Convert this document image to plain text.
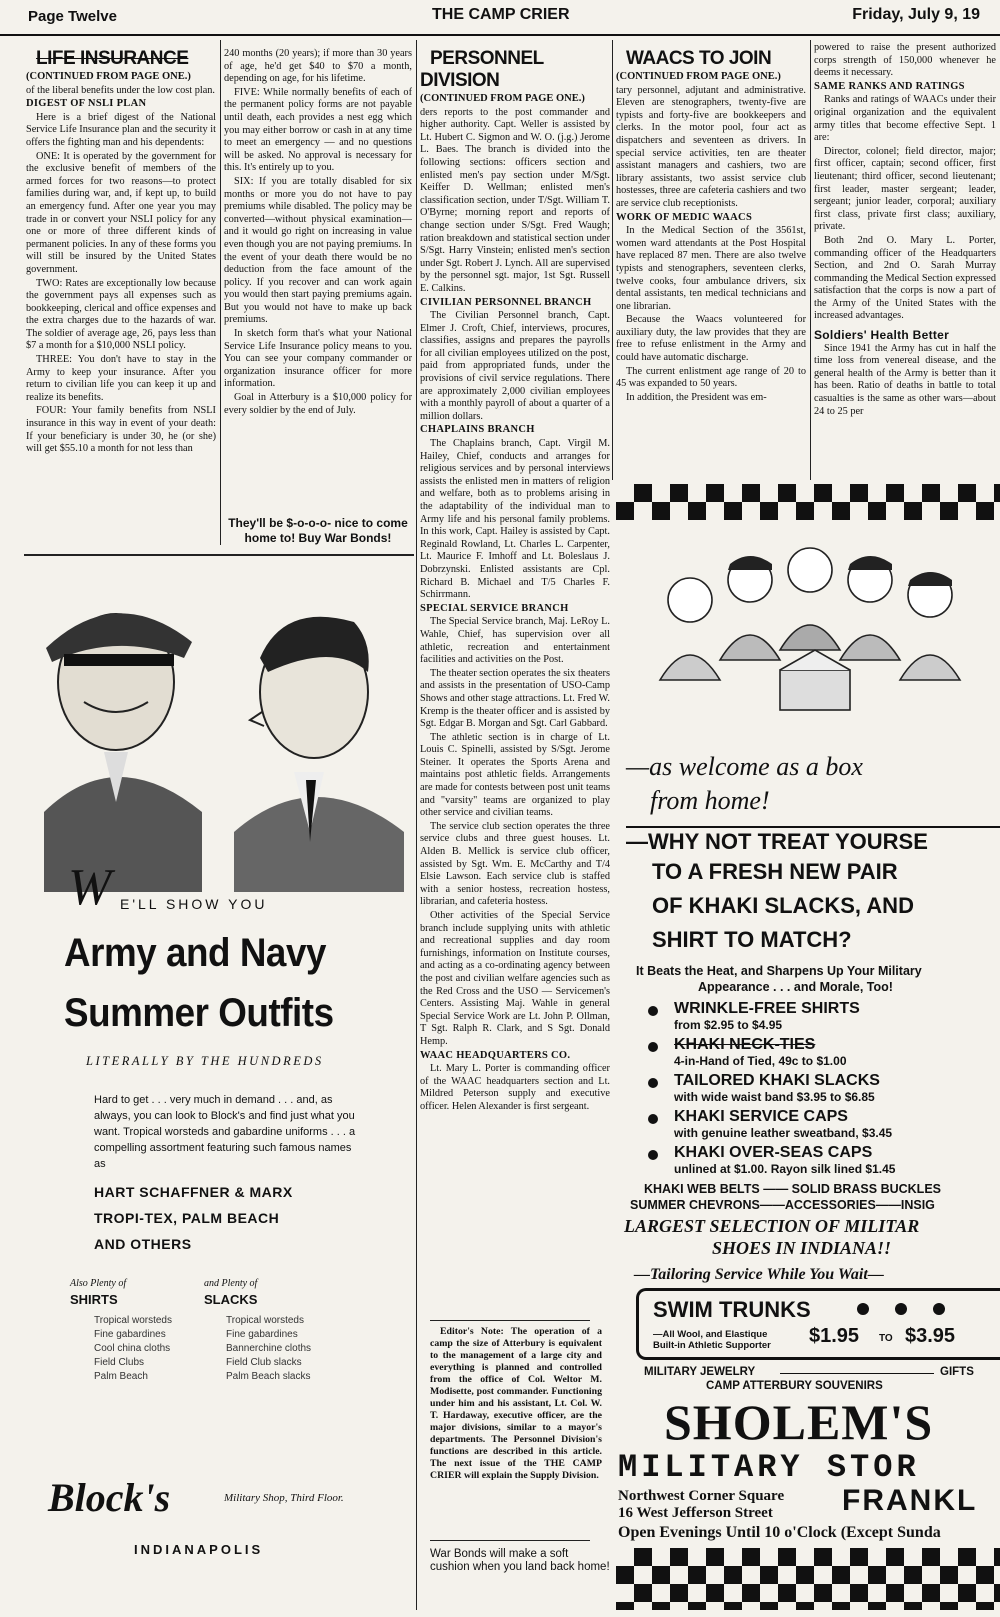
Page Twelve	THE CAMP CRIER	Friday, July 9, 19

LIFE INSURANCE

(CONTINUED FROM PAGE ONE.)

of the liberal benefits under the low cost plan.

DIGEST OF NSLI PLAN

Here is a brief digest of the National Service Life Insurance plan and the security it offers the fighting man and his dependents:

ONE: It is operated by the government for the exclusive benefit of members of the armed forces for two reasons—to protect families during war, and, if kept up, to build an emergency fund. After one year you may trade in or convert your NSLI policy for any one or more of three different kinds of permanent policies. In any of these forms you will still be insured by the United States government.

TWO: Rates are exceptionally low because the government pays all expenses such as bookkeeping, clerical and office expenses and the extra charges due to the hazards of war. The soldier of average age, 26, pays less than $7 a month for a $10,000 NSLI policy.

THREE: You don't have to stay in the Army to keep your insurance. After you return to civilian life you can keep it up and realize its benefits.

FOUR: Your family benefits from NSLI insurance in this way in event of your death: If your beneficiary is under 30, he (or she) will get $55.10 a month for not less than

240 months (20 years); if more than 30 years of age, he'd get $40 to $70 a month, depending on age, for his lifetime.

FIVE: While normally benefits of each of the permanent policy forms are not payable until death, each provides a nest egg which you may either borrow or cash in at any time to meet an emergency — and no questions will be asked. No approval is necessary for this. It's entirely up to you.

SIX: If you are totally disabled for six months or more you do not have to pay premiums while disabled. The policy may be converted—without physical examination—and it would go right on increasing in value even though you are not paying premiums. In the event of your death there would be no deduction from the face amount of the policy. If you recover and can work again you would then start paying premiums again. But you would not have to make up back premiums.

In sketch form that's what your National Service Life Insurance policy means to you. You can see your company commander or organization insurance officer for more information.

Goal in Atterbury is a $10,000 policy for every soldier by the end of July.

They'll be $-o-o-o- nice to come home to! Buy War Bonds!

PERSONNEL DIVISION

(CONTINUED FROM PAGE ONE.)

ders reports to the post commander and higher authority. Capt. Weller is assisted by Lt. Hubert C. Sigmon and W. O. (j.g.) Jerome L. Baes. The branch is divided into the following sections: officers section and enlisted men's pay section under M/Sgt. Keiffer D. Wellman; enlisted men's classification section, under T/Sgt. William T. O'Byrne; morning report and reports of change section under S/Sgt. Fred Waugh; ration breakdown and statistical section under S/Sgt. Harry Vinstein; enlisted men's section under Sgt. Robert J. Lynch. All are supervised by the personnel sgt. major, 1st Sgt. Russell E. Calkins.

CIVILIAN PERSONNEL BRANCH

The Civilian Personnel branch, Capt. Elmer J. Croft, Chief, interviews, procures, classifies, assigns and prepares the payrolls for all civilian employees utilized on the post, paid from appropriated funds, under the provisions of civil service regulations. There are approximately 2,000 civilian employees with a monthly payroll of about a quarter of a million dollars.

CHAPLAINS BRANCH

The Chaplains branch, Capt. Virgil M. Hailey, Chief, conducts and arranges for religious services and by personal interviews assists the enlisted men in matters of religion and welfare, both as to problems arising in the adaptability of the individual man to Army life and his personal family problems. In this work, Capt. Hailey is assisted by Capt. Reginald Rowland, Lt. Charles L. Carpenter, Lt. Maurice F. Imhoff and Lt. Boleslaus J. Dobrzynski. Enlisted assistants are Cpl. Richard B. Michael and T/5 Charles F. Schirrmann.

SPECIAL SERVICE BRANCH

The Special Service branch, Maj. LeRoy L. Wahle, Chief, has supervision over all athletic, recreation and entertainment facilities and activities on the Post.

The theater section operates the six theaters and assists in the presentation of USO-Camp Shows and other stage attractions. Lt. Fred W. Kremp is the theater officer and is assisted by Sgt. Edgar B. Morgan and Sgt. Carl Gabbard.

The athletic section is in charge of Lt. Louis C. Spinelli, assisted by S/Sgt. Jerome Steiner. It operates the Sports Arena and maintains post athletic fields. Arrangements are made for contests between post unit teams and "varsity" teams are organized to play other service and civilian teams.

The service club section operates the three service clubs and three guest houses. Lt. Alden B. Mellick is service club officer, assisted by Sgt. Wm. E. McCarthy and T/4 Elsie Lawson. Each service club is staffed with a senior hostess, recreation hostess, librarian, and cafeteria hostess.

Other activities of the Special Service branch include supplying units with athletic and recreational supplies and day room furnishings, information on Institute courses, and acting as a co-ordinating agency between the post and civilian welfare agencies such as the Red Cross and the USO — Servicemen's Centers. Assisting Maj. Wahle in general Special Service Work are Lt. John P. Ollman, T Sgt. Ralph R. Clark, and S Sgt. Donald Hemp.

WAAC HEADQUARTERS CO.

Lt. Mary L. Porter is commanding officer of the WAAC headquarters section and Lt. Mildred Peterson supply and executive officer. Helen Alexander is first sergeant.

Editor's Note: The operation of a camp the size of Atterbury is equivalent to the management of a large city and everything is planned and controlled from the office of Col. Weltor M. Modisette, post commander. Functioning under him and his assistant, Lt. Col. W. T. Hardaway, executive officer, are the major divisions, similar to a mayor's departments. The Personnel Division's functions are described in this article. The next issue of the THE CAMP CRIER will explain the Supply Division.

War Bonds will make a soft cushion when you land back home!

WAACS TO JOIN

(CONTINUED FROM PAGE ONE.)

tary personnel, adjutant and administrative. Eleven are stenographers, twenty-five are typists and forty-five are bookkeepers and clerks. In the motor pool, four act as dispatchers and seventeen as drivers. In special service activities, ten are theater assistant managers and cashiers, two are library assistants, two assist service club hostesses, three are cafeteria cashiers and two are service club receptionists.

WORK OF MEDIC WAACS

In the Medical Section of the 3561st, women ward attendants at the Post Hospital have replaced 87 men. There are also twelve typists and stenographers, seventeen clerks, twelve cooks, four ambulance drivers, six dental assistants, ten medical technicians and one librarian.

Because the Waacs volunteered for auxiliary duty, the law provides that they are free to refuse enlistment in the Army and could have automatic discharge.

The current enlistment age range of 20 to 45 was expanded to 50 years.

In addition, the President was em-

powered to raise the present authorized corps strength of 150,000 whenever he deems it necessary.

SAME RANKS AND RATINGS

Ranks and ratings of WAACs under their original organization and the equivalent army titles that become effective Sept. 1 are:

Director, colonel; field director, major; first officer, captain; second officer, first lieutenant; third officer, second lieutenant; first leader, master sergeant; leader, sergeant; junior leader, corporal; auxiliary first class, private first class; auxiliary, private.

Both 2nd O. Mary L. Porter, commanding officer of the Headquarters Section, and 2nd O. Sarah Murray commanding the Medical Section expressed satisfaction that the corps is now a part of the Army of the United States with the increased advantages.

Soldiers' Health Better

Since 1941 the Army has cut in half the time loss from venereal disease, and the general health of the Army is better than it has been. Ratio of deaths in battle to total casualties is the same as other wars—about 24 to 25 per

W E'LL SHOW YOU
Army and Navy
Summer Outfits
LITERALLY BY THE HUNDREDS
Hard to get . . . very much in demand . . . and, as always, you can look to Block's and find just what you want. Tropical worsteds and gabardine uniforms . . . a compelling assortment featuring such famous names as
HART SCHAFFNER & MARX
TROPI-TEX, PALM BEACH
AND OTHERS
Also Plenty of
SHIRTS
Tropical worsteds
Fine gabardines
Cool china cloths
Field Clubs
Palm Beach
and Plenty of
SLACKS
Tropical worsteds
Fine gabardines
Bannerchine cloths
Field Club slacks
Palm Beach slacks
Block's	Military Shop, Third Floor.
INDIANAPOLIS
—as welcome as a box
from home!
—WHY NOT TREAT YOURSE
TO A FRESH NEW PAIR
OF KHAKI SLACKS, AND
SHIRT TO MATCH?
It Beats the Heat, and Sharpens Up Your Military
Appearance . . . and Morale, Too!
WRINKLE-FREE SHIRTS
from $2.95 to $4.95
KHAKI NECK-TIES
4-in-Hand of Tied, 49c to $1.00
TAILORED KHAKI SLACKS
with wide waist band $3.95 to $6.85
KHAKI SERVICE CAPS
with genuine leather sweatband, $3.45
KHAKI OVER-SEAS CAPS
unlined at $1.00. Rayon silk lined $1.45
KHAKI WEB BELTS —— SOLID BRASS BUCKLES
SUMMER CHEVRONS——ACCESSORIES——INSIG
LARGEST SELECTION OF MILITAR
SHOES IN INDIANA!!
—Tailoring Service While You Wait—
SWIM TRUNKS
—All Wool, and Elastique
Built-in Athletic Supporter $1.95 TO $3.95
MILITARY JEWELRY	GIFTS
CAMP ATTERBURY SOUVENIRS
SHOLEM'S
MILITARY STOR
Northwest Corner Square
16 West Jefferson Street	FRANKL
Open Evenings Until 10 o'Clock (Except Sunda
